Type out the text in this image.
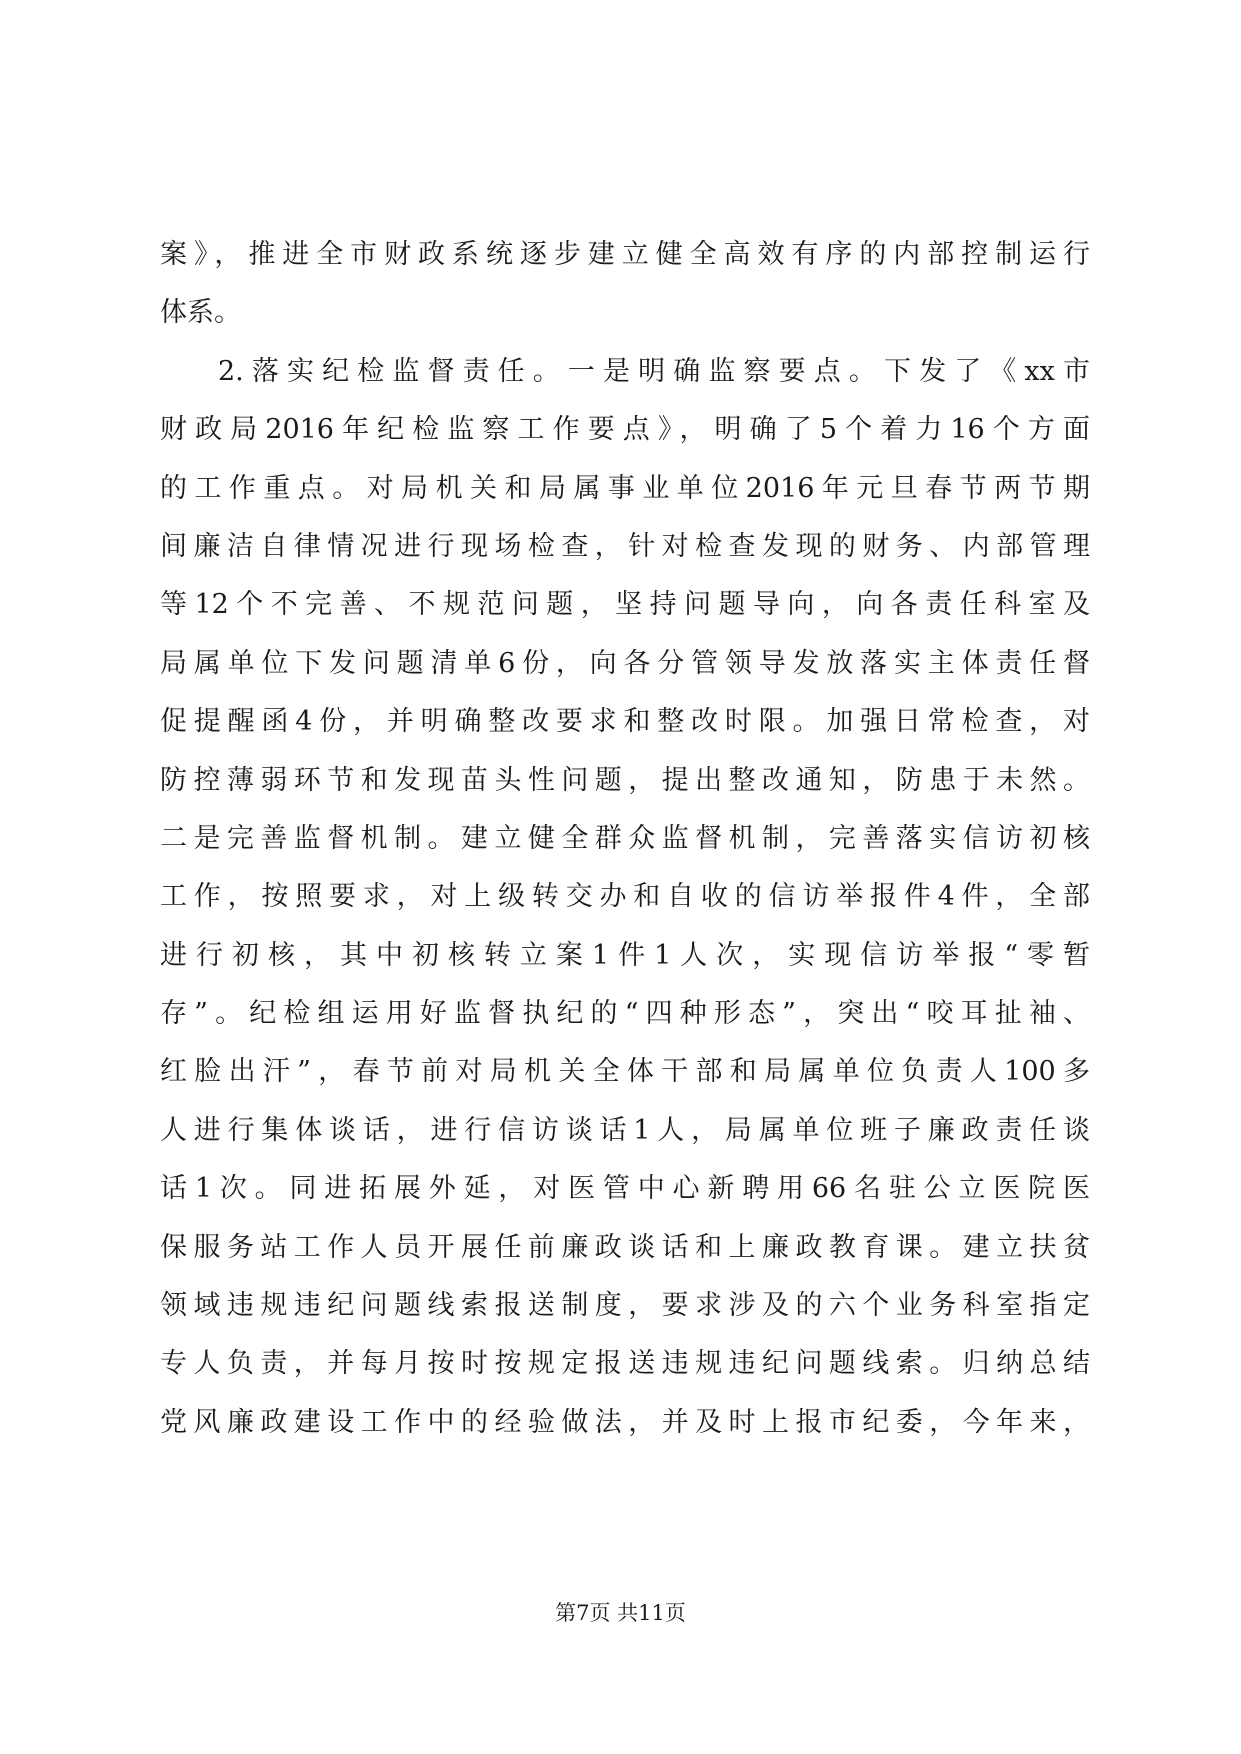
案》，推进全市财政系统逐步建立健全高效有序的内部控制运行
体系。
2.落实纪检监督责任。一是明确监察要点。下发了《xx市
财政局2016年纪检监察工作要点》，明确了5个着力16个方面
的工作重点。对局机关和局属事业单位2016年元旦春节两节期
间廉洁自律情况进行现场检查，针对检查发现的财务、内部管理
等12个不完善、不规范问题，坚持问题导向，向各责任科室及
局属单位下发问题清单6份，向各分管领导发放落实主体责任督
促提醒函4份，并明确整改要求和整改时限。加强日常检查，对
防控薄弱环节和发现苗头性问题，提出整改通知，防患于未然。
二是完善监督机制。建立健全群众监督机制，完善落实信访初核
工作，按照要求，对上级转交办和自收的信访举报件4件，全部
进行初核，其中初核转立案1件1人次，实现信访举报“零暂
存”。纪检组运用好监督执纪的“四种形态”，突出“咬耳扯袖、
红脸出汗”，春节前对局机关全体干部和局属单位负责人100多
人进行集体谈话，进行信访谈话1人，局属单位班子廉政责任谈
话1次。同进拓展外延，对医管中心新聘用66名驻公立医院医
保服务站工作人员开展任前廉政谈话和上廉政教育课。建立扶贫
领域违规违纪问题线索报送制度，要求涉及的六个业务科室指定
专人负责，并每月按时按规定报送违规违纪问题线索。归纳总结
党风廉政建设工作中的经验做法，并及时上报市纪委，今年来，
第7页 共11页
